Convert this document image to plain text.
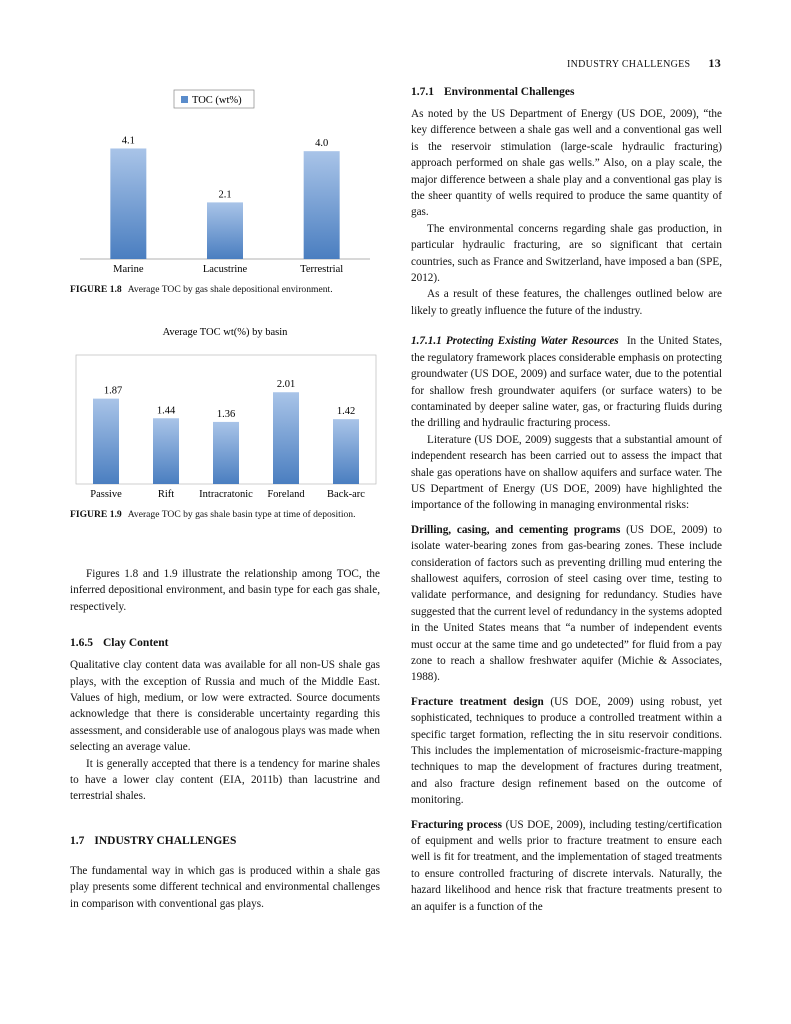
INDUSTRY CHALLENGES 13
TOC (wt%)
4.1
Marine
2.1
Lacustrine
4.0
Terrestrial
FIGURE 1.8 Average TOC by gas shale depositional environment.
Average TOC wt(%) by basin
1.87
Passive
1.44
Rift
1.36
Intracratonic
2.01
Foreland
1.42
Back-arc
FIGURE 1.9 Average TOC by gas shale basin type at time of deposition.

Figures 1.8 and 1.9 illustrate the relationship among TOC, the inferred depositional environment, and basin type for each gas shale, respectively.

1.6.5 Clay Content

Qualitative clay content data was available for all non-US shale gas plays, with the exception of Russia and much of the Middle East. Values of high, medium, or low were extracted. Source documents acknowledge that there is considerable uncertainty regarding this assessment, and considerable use of analogous plays was made when selecting an average value.

It is generally accepted that there is a tendency for marine shales to have a lower clay content (EIA, 2011b) than lacustrine and terrestrial shales.

1.7 INDUSTRY CHALLENGES

The fundamental way in which gas is produced within a shale gas play presents some different technical and environmental challenges in comparison with conventional gas plays.

1.7.1 Environmental Challenges

As noted by the US Department of Energy (US DOE, 2009), “the key difference between a shale gas well and a conventional gas well is the reservoir stimulation (large-scale hydraulic fracturing) approach performed on shale gas wells.” Also, on a play scale, the major difference between a shale play and a conventional gas play is the sheer quantity of wells required to produce the same quantity of gas.

The environmental concerns regarding shale gas production, in particular hydraulic fracturing, are so significant that certain countries, such as France and Switzerland, have imposed a ban (SPE, 2012).

As a result of these features, the challenges outlined below are likely to greatly influence the future of the industry.

1.7.1.1 Protecting Existing Water Resources In the United States, the regulatory framework places considerable emphasis on protecting groundwater (US DOE, 2009) and surface water, due to the potential for shallow fresh groundwater aquifers (or surface waters) to be contaminated by deeper saline water, gas, or fracturing fluids during the drilling and hydraulic fracturing process.

Literature (US DOE, 2009) suggests that a substantial amount of independent research has been carried out to assess the impact that shale gas operations have on shallow aquifers and surface water. The US Department of Energy (US DOE, 2009) have highlighted the importance of the following in managing environmental risks:

Drilling, casing, and cementing programs (US DOE, 2009) to isolate water-bearing zones from gas-bearing zones. These include consideration of factors such as preventing drilling mud entering the shallowest aquifers, corrosion of steel casing over time, testing to validate performance, and designing for redundancy. Studies have suggested that the current level of redundancy in the systems adopted in the United States means that “a number of independent events must occur at the same time and go undetected” for fluid from a pay zone to reach a shallow freshwater aquifer (Michie & Associates, 1988).

Fracture treatment design (US DOE, 2009) using robust, yet sophisticated, techniques to produce a controlled treatment within a specific target formation, reflecting the in situ reservoir conditions. This includes the implementation of microseismic-fracture-mapping techniques to map the development of fractures during treatment, and also fracture design refinement based on the outcome of monitoring.

Fracturing process (US DOE, 2009), including testing/certification of equipment and wells prior to fracture treatment to ensure each well is fit for treatment, and the implementation of staged treatments to ensure controlled fracturing of discrete intervals. Naturally, the hazard likelihood and hence risk that fracture treatments present to an aquifer is a function of the
